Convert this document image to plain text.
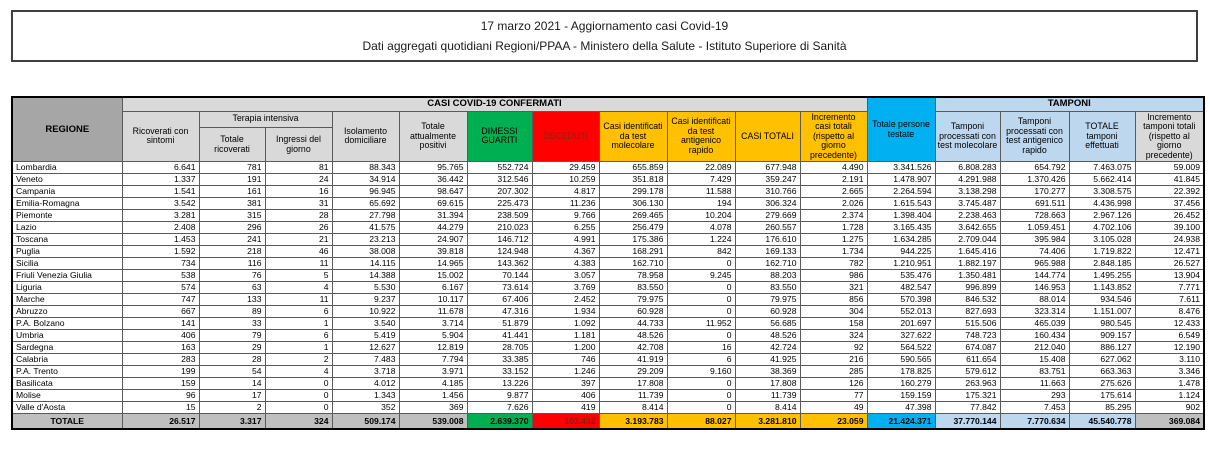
17 marzo 2021 - Aggiornamento casi Covid-19
Dati aggregati quotidiani Regioni/PPAA - Ministero della Salute - Istituto Superiore di Sanità
REGIONE	CASI COVID-19 CONFERMATI											Totale persone testate	TAMPONI			
	Ricoverati con sintomi	Terapia intensiva		Isolamento domiciliare	Totale attualmente positivi	DIMESSI GUARITI	DECEDUTI	Casi identificati da test molecolare	Casi identificati da test antigenico rapido	CASI TOTALI	Incremento casi totali (rispetto al giorno precedente)		Tamponi processati con test molecolare	Tamponi processati con test antigenico rapido	TOTALE tamponi effettuati	Incremento tamponi totali (rispetto al giorno precedente)
		Totale ricoverati	Ingressi del giorno													
Lombardia	6.641	781	81	88.343	95.765	552.724	29.459	655.859	22.089	677.948	4.490	3.341.526	6.808.283	654.792	7.463.075	59.009
Veneto	1.337	191	24	34.914	36.442	312.546	10.259	351.818	7.429	359.247	2.191	1.478.907	4.291.988	1.370.426	5.662.414	41.845
Campania	1.541	161	16	96.945	98.647	207.302	4.817	299.178	11.588	310.766	2.665	2.264.594	3.138.298	170.277	3.308.575	22.392
Emilia-Romagna	3.542	381	31	65.692	69.615	225.473	11.236	306.130	194	306.324	2.026	1.615.543	3.745.487	691.511	4.436.998	37.456
Piemonte	3.281	315	28	27.798	31.394	238.509	9.766	269.465	10.204	279.669	2.374	1.398.404	2.238.463	728.663	2.967.126	26.452
Lazio	2.408	296	26	41.575	44.279	210.023	6.255	256.479	4.078	260.557	1.728	3.165.435	3.642.655	1.059.451	4.702.106	39.100
Toscana	1.453	241	21	23.213	24.907	146.712	4.991	175.386	1.224	176.610	1.275	1.634.285	2.709.044	395.984	3.105.028	24.938
Puglia	1.592	218	46	38.008	39.818	124.948	4.367	168.291	842	169.133	1.734	944.225	1.645.416	74.406	1.719.822	12.471
Sicilia	734	116	11	14.115	14.965	143.362	4.383	162.710	0	162.710	782	1.210.951	1.882.197	965.988	2.848.185	26.527
Friuli Venezia Giulia	538	76	5	14.388	15.002	70.144	3.057	78.958	9.245	88.203	986	535.476	1.350.481	144.774	1.495.255	13.904
Liguria	574	63	4	5.530	6.167	73.614	3.769	83.550	0	83.550	321	482.547	996.899	146.953	1.143.852	7.771
Marche	747	133	11	9.237	10.117	67.406	2.452	79.975	0	79.975	856	570.398	846.532	88.014	934.546	7.611
Abruzzo	667	89	6	10.922	11.678	47.316	1.934	60.928	0	60.928	304	552.013	827.693	323.314	1.151.007	8.476
P.A. Bolzano	141	33	1	3.540	3.714	51.879	1.092	44.733	11.952	56.685	158	201.697	515.506	465.039	980.545	12.433
Umbria	406	79	6	5.419	5.904	41.441	1.181	48.526	0	48.526	324	327.622	748.723	160.434	909.157	6.549
Sardegna	163	29	1	12.627	12.819	28.705	1.200	42.708	16	42.724	92	564.522	674.087	212.040	886.127	12.190
Calabria	283	28	2	7.483	7.794	33.385	746	41.919	6	41.925	216	590.565	611.654	15.408	627.062	3.110
P.A. Trento	199	54	4	3.718	3.971	33.152	1.246	29.209	9.160	38.369	285	178.825	579.612	83.751	663.363	3.346
Basilicata	159	14	0	4.012	4.185	13.226	397	17.808	0	17.808	126	160.279	263.963	11.663	275.626	1.478
Molise	96	17	0	1.343	1.456	9.877	406	11.739	0	11.739	77	159.159	175.321	293	175.614	1.124
Valle d'Aosta	15	2	0	352	369	7.626	419	8.414	0	8.414	49	47.398	77.842	7.453	85.295	902
TOTALE	26.517	3.317	324	509.174	539.008	2.639.370	103.432	3.193.783	88.027	3.281.810	23.059	21.424.371	37.770.144	7.770.634	45.540.778	369.084
